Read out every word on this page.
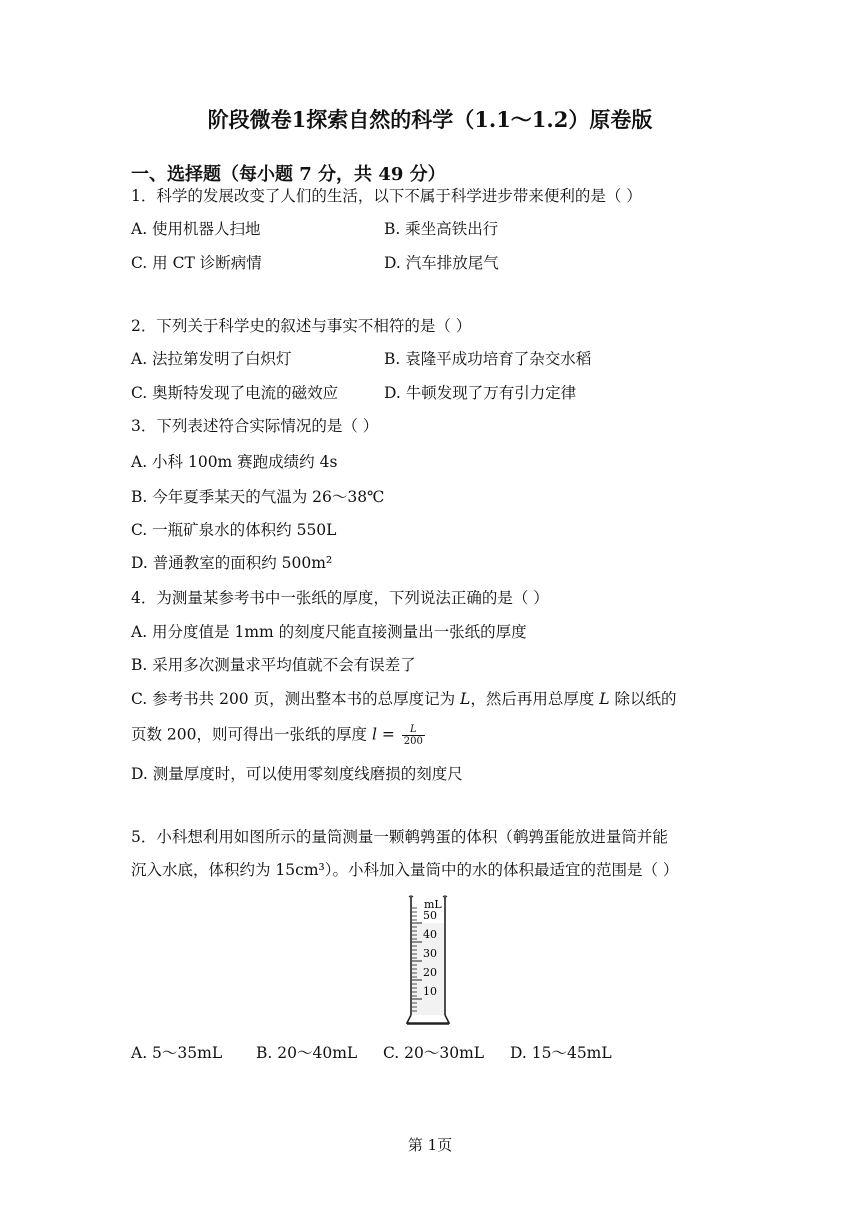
阶段微卷1探索自然的科学（1.1～1.2）原卷版
一、选择题（每小题 7 分，共 49 分）
1．科学的发展改变了人们的生活，以下不属于科学进步带来便利的是（ ）
A. 使用机器人扫地	B. 乘坐高铁出行
C. 用 CT 诊断病情	D. 汽车排放尾气
2．下列关于科学史的叙述与事实不相符的是（ ）
A. 法拉第发明了白炽灯	B. 袁隆平成功培育了杂交水稻
C. 奥斯特发现了电流的磁效应	D. 牛顿发现了万有引力定律
3．下列表述符合实际情况的是（ ）
A. 小科 100m 赛跑成绩约 4s
B. 今年夏季某天的气温为 26～38℃
C. 一瓶矿泉水的体积约 550L
D. 普通教室的面积约 500m²
4．为测量某参考书中一张纸的厚度，下列说法正确的是（ ）
A. 用分度值是 1mm 的刻度尺能直接测量出一张纸的厚度
B. 采用多次测量求平均值就不会有误差了
C. 参考书共 200 页，测出整本书的总厚度记为 L，然后再用总厚度 L 除以纸的
页数 200，则可得出一张纸的厚度 $l = \frac{L}{200}$
D. 测量厚度时，可以使用零刻度线磨损的刻度尺
5．小科想利用如图所示的量筒测量一颗鹌鹑蛋的体积（鹌鹑蛋能放进量筒并能
沉入水底，体积约为 15cm³）。小科加入量筒中的水的体积最适宜的范围是（ ）
mL
50
40
30
20
10
A. 5～35mL B. 20～40mL C. 20～30mL D. 15～45mL
第 1页
